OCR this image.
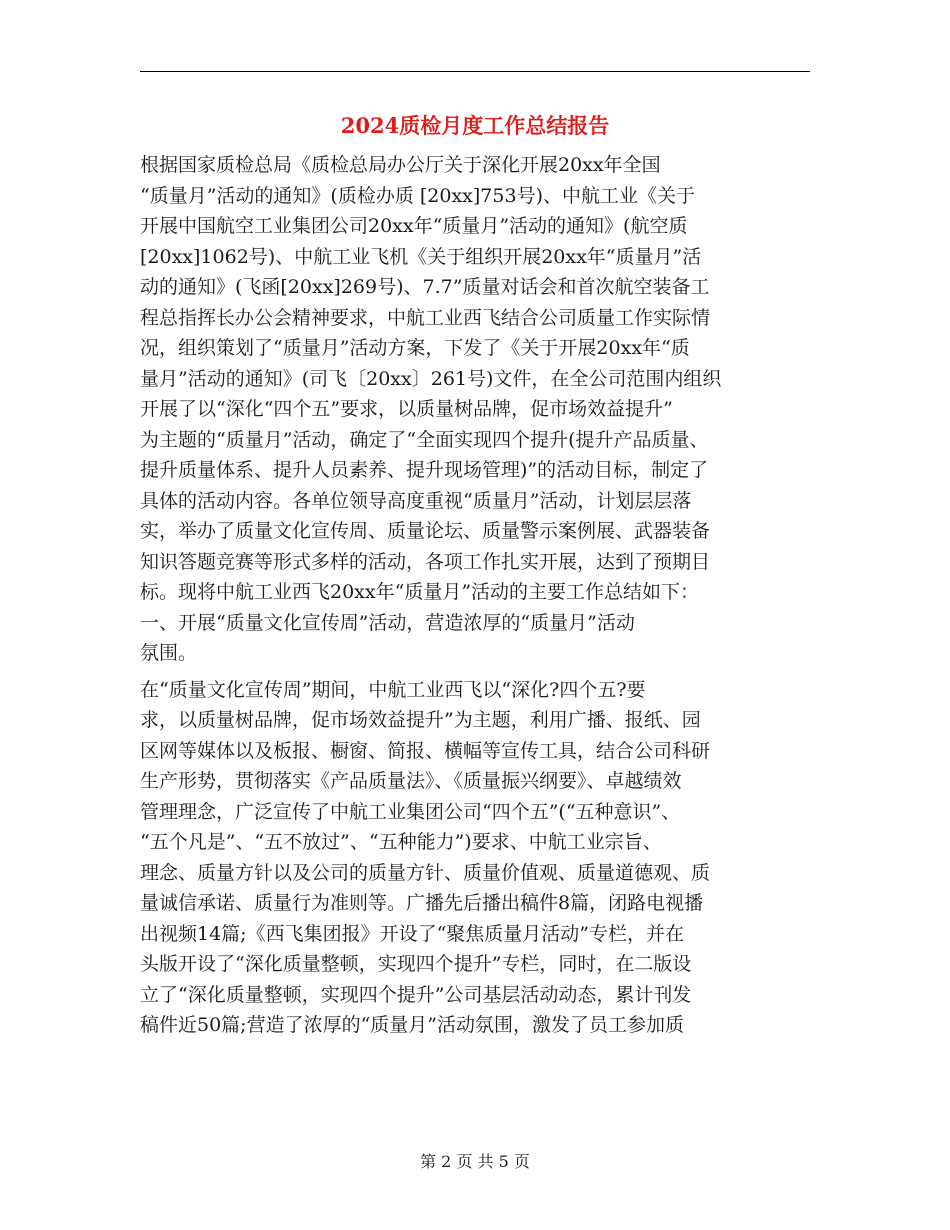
2024质检月度工作总结报告
根据国家质检总局《质检总局办公厅关于深化开展20xx年全国
“质量月”活动的通知》(质检办质 [20xx]753号)、中航工业《关于
开展中国航空工业集团公司20xx年“质量月”活动的通知》(航空质
[20xx]1062号)、中航工业飞机《关于组织开展20xx年“质量月”活
动的通知》(飞函[20xx]269号)、7.7”质量对话会和首次航空装备工
程总指挥长办公会精神要求，中航工业西飞结合公司质量工作实际情
况，组织策划了“质量月”活动方案，下发了《关于开展20xx年“质
量月”活动的通知》(司飞〔20xx〕261号)文件，在全公司范围内组织
开展了以“深化“四个五”要求，以质量树品牌，促市场效益提升”
为主题的“质量月”活动，确定了“全面实现四个提升(提升产品质量、
提升质量体系、提升人员素养、提升现场管理)”的活动目标，制定了
具体的活动内容。各单位领导高度重视“质量月”活动，计划层层落
实，举办了质量文化宣传周、质量论坛、质量警示案例展、武器装备
知识答题竞赛等形式多样的活动，各项工作扎实开展，达到了预期目
标。现将中航工业西飞20xx年“质量月”活动的主要工作总结如下：
一、开展“质量文化宣传周”活动，营造浓厚的“质量月”活动
氛围。
在“质量文化宣传周”期间，中航工业西飞以“深化?四个五?要
求，以质量树品牌，促市场效益提升”为主题，利用广播、报纸、园
区网等媒体以及板报、橱窗、简报、横幅等宣传工具，结合公司科研
生产形势，贯彻落实《产品质量法》、《质量振兴纲要》、卓越绩效
管理理念，广泛宣传了中航工业集团公司“四个五”(“五种意识”、
“五个凡是”、“五不放过”、“五种能力”)要求、中航工业宗旨、
理念、质量方针以及公司的质量方针、质量价值观、质量道德观、质
量诚信承诺、质量行为准则等。广播先后播出稿件8篇，闭路电视播
出视频14篇;《西飞集团报》开设了“聚焦质量月活动”专栏，并在
头版开设了“深化质量整顿，实现四个提升”专栏，同时，在二版设
立了“深化质量整顿，实现四个提升”公司基层活动动态，累计刊发
稿件近50篇;营造了浓厚的“质量月”活动氛围，激发了员工参加质
第 2 页 共 5 页
